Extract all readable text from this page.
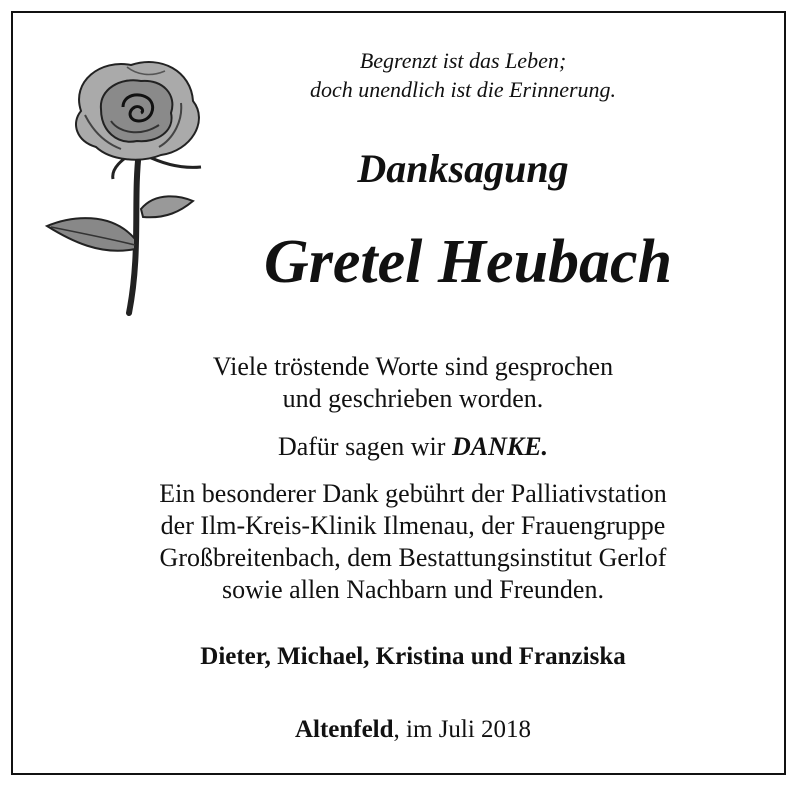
Begrenzt ist das Leben;
doch unendlich ist die Erinnerung.
Danksagung
Gretel Heubach
Viele tröstende Worte sind gesprochen
und geschrieben worden.
Dafür sagen wir DANKE.
Ein besonderer Dank gebührt der Palliativstation
der Ilm-Kreis-Klinik Ilmenau, der Frauengruppe
Großbreitenbach, dem Bestattungsinstitut Gerlof
sowie allen Nachbarn und Freunden.
Dieter, Michael, Kristina und Franziska
Altenfeld, im Juli 2018
